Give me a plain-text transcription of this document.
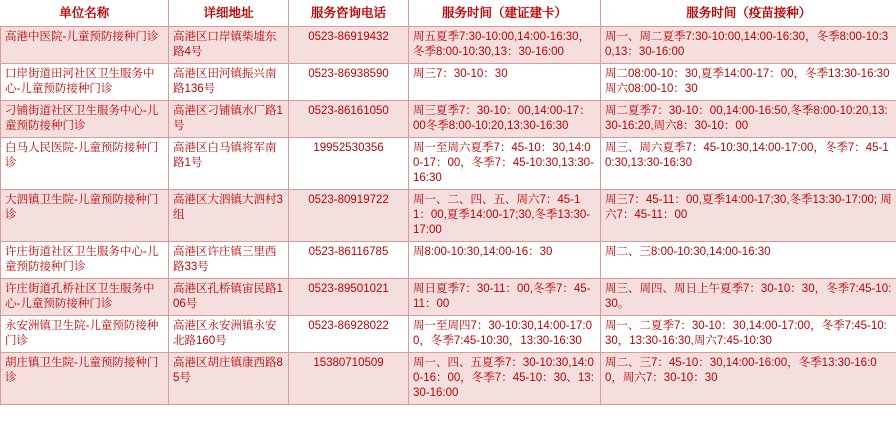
单位名称	详细地址	服务咨询电话	服务时间（建证建卡）	服务时间（疫苗接种）
高港中医院-儿童预防接种门诊	高港区口岸镇柴墟东路4号	0523-86919432	周五夏季7:30-10:00,14:00-16:30，冬季8:00-10:30,13：30-16:00	周一、周二夏季7:30-10:00,14:00-16:30，冬季8:00-10:30,13：30-16:00
口岸街道田河社区卫生服务中心-儿童预防接种门诊	高港区田河镇振兴南路136号	0523-86938590	周三7：30-10：30	周二08:00-10：30,夏季14:00-17：00，冬季13:30-16:30 周六08:00-10：30
刁铺街道社区卫生服务中心-儿童预防接种门诊	高港区刁铺镇水厂路1号	0523-86161050	周三夏季7：30-10：00,14:00-17：00冬季8:00-10:20,13:30-16:30	周二夏季7：30-10：00,14:00-16:50,冬季8:00-10:20,13:30-16:20,周六8：30-10：00
白马人民医院-儿童预防接种门诊	高港区白马镇将军南路1号	19952530356	周一至周六夏季7：45-10：30,14:00-17：00，冬季7：45-10:30,13:30-16:30	周三、周六夏季7：45-10:30,14:00-17:00，冬季7：45-10:30,13:30-16:30
大泗镇卫生院-儿童预防接种门诊	高港区大泗镇大泗村3组	0523-80919722	周一、二、四、五、周六7：45-11：00,夏季14:00-17;30,冬季13:30-17:00	周三7：45-11：00,夏季14:00-17;30,冬季13:30-17:00; 周六7：45-11：00
许庄街道社区卫生服务中心-儿童预防接种门诊	高港区许庄镇三里西路33号	0523-86116785	周8:00-10:30,14:00-16：30	周二、三8:00-10:30,14:00-16:30
许庄街道孔桥社区卫生服务中心-儿童预防接种门诊	高港区孔桥镇宙民路106号	0523-89501021	周日夏季7：30-11：00,冬季7：45-11：00	周三、周四、周日上午夏季7：30-10：30，冬季7:45-10:30。
永安洲镇卫生院-儿童预防接种门诊	高港区永安洲镇永安北路160号	0523-86928022	周一至周四7：30-10:30,14:00-17:00，冬季7:45-10:30，13:30-16:30	周一、二夏季7：30-10：30,14:00-17:00，冬季7:45-10:30，13:30-16:30,周六7:45-10:30
胡庄镇卫生院-儿童预防接种门诊	高港区胡庄镇康西路85号	15380710509	周一、四、五夏季7：30-10:30,14:00-16：00，冬季7：45-10：30、13:30-16:00	周二、三7：45-10：30,14:00-16:00，冬季13:30-16:00，周六7：30-10：30
